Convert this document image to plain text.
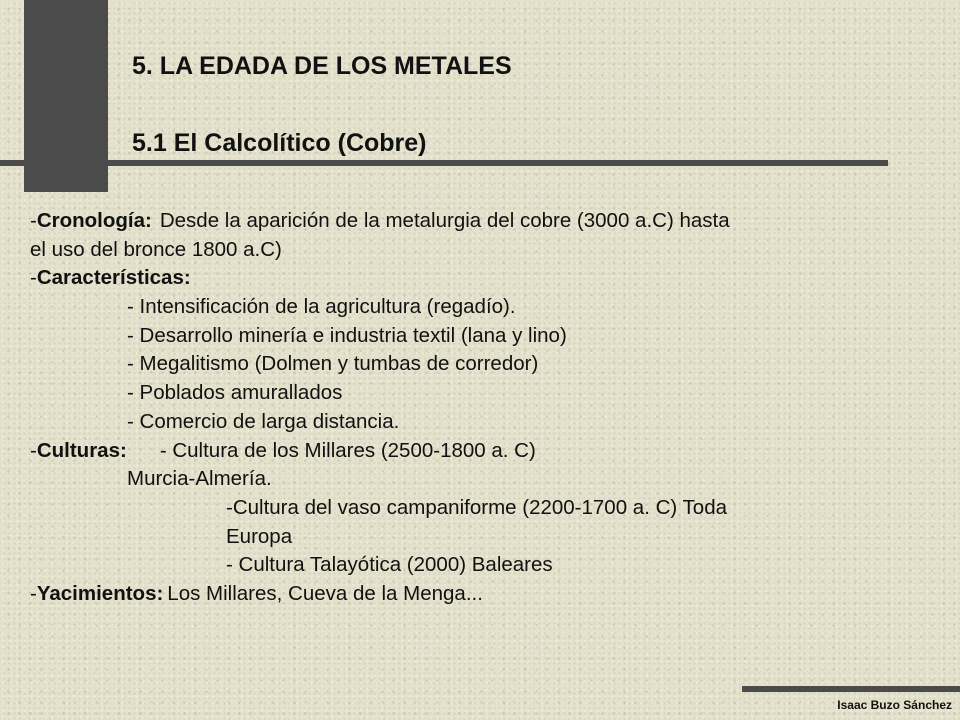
5. LA EDADA DE LOS METALES
5.1 El Calcolítico (Cobre)
-Cronología: Desde la aparición de la metalurgia del cobre (3000 a.C) hasta
el uso del bronce 1800 a.C)
-Características:
- Intensificación de la agricultura (regadío).
- Desarrollo minería e industria textil (lana y lino)
- Megalitismo (Dolmen y tumbas de corredor)
- Poblados amurallados
- Comercio de larga distancia.
-Culturas: - Cultura de los Millares (2500-1800 a. C)
Murcia-Almería.
-Cultura del vaso campaniforme (2200-1700 a. C) Toda
Europa
- Cultura Talayótica (2000) Baleares
-Yacimientos: Los Millares, Cueva de la Menga...
Isaac Buzo Sánchez
